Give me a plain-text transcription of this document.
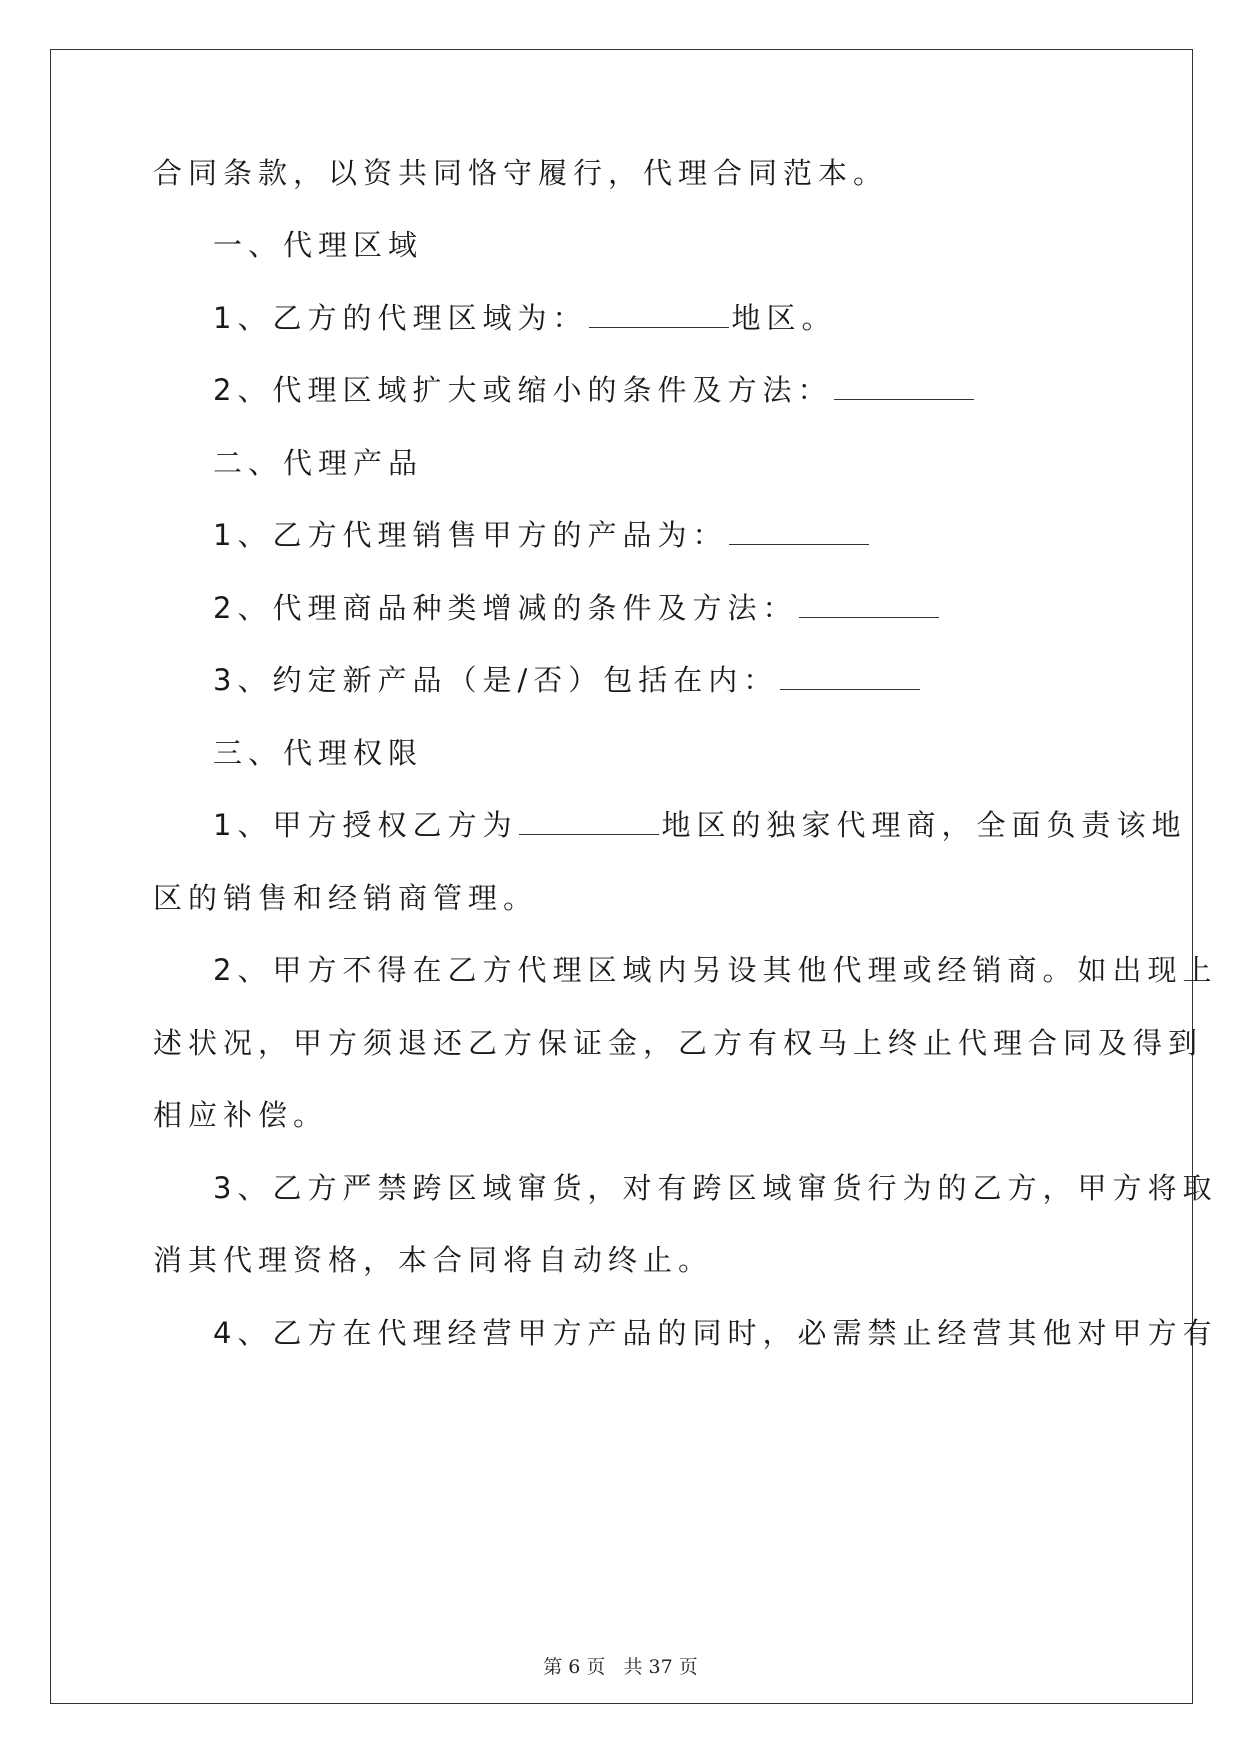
合同条款，以资共同恪守履行，代理合同范本。
一、代理区域
1、乙方的代理区域为：	地区。
2、代理区域扩大或缩小的条件及方法：
二、代理产品
1、乙方代理销售甲方的产品为：
2、代理商品种类增减的条件及方法：
3、约定新产品（是/否）包括在内：
三、代理权限
1、甲方授权乙方为	地区的独家代理商，全面负责该地
区的销售和经销商管理。
2、甲方不得在乙方代理区域内另设其他代理或经销商。如出现上
述状况，甲方须退还乙方保证金，乙方有权马上终止代理合同及得到
相应补偿。
3、乙方严禁跨区域窜货，对有跨区域窜货行为的乙方，甲方将取
消其代理资格，本合同将自动终止。
4、乙方在代理经营甲方产品的同时，必需禁止经营其他对甲方有
第 6 页 共 37 页
